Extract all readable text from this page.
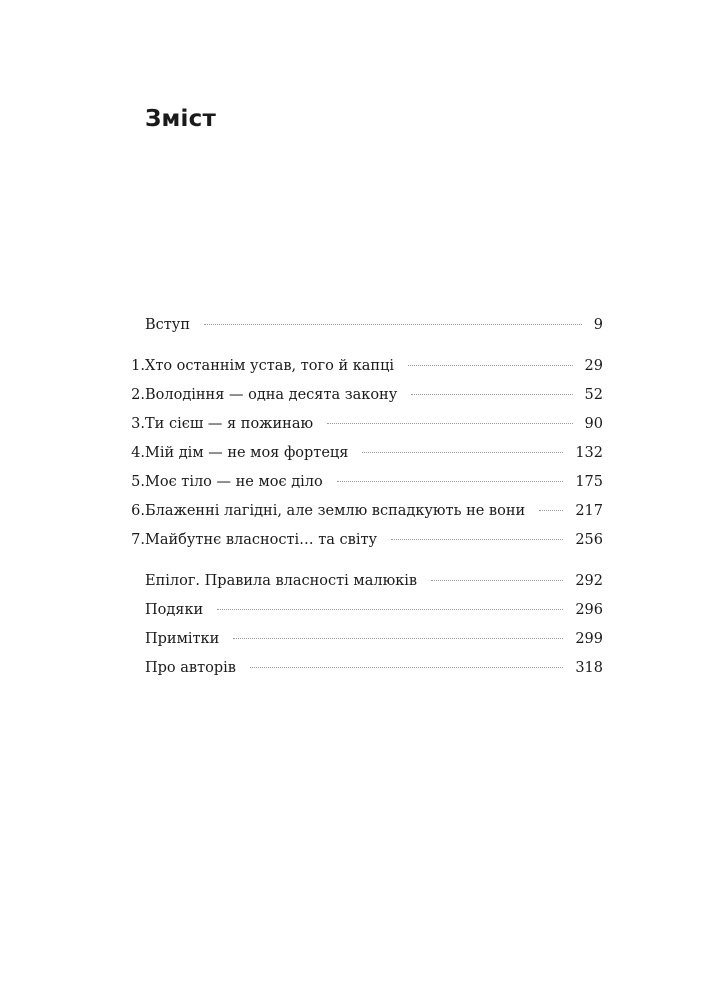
Зміст
Вступ	9
1. Хто останнім устав, того й капці	29
2. Володіння — одна десята закону	52
3. Ти сієш — я пожинаю	90
4. Мій дім — не моя фортеця	132
5. Моє тіло — не моє діло	175
6. Блаженні лагідні, але землю вспадкують не вони	217
7. Майбутнє власності… та світу	256
Епілог. Правила власності малюків	292
Подяки	296
Примітки	299
Про авторів	318
